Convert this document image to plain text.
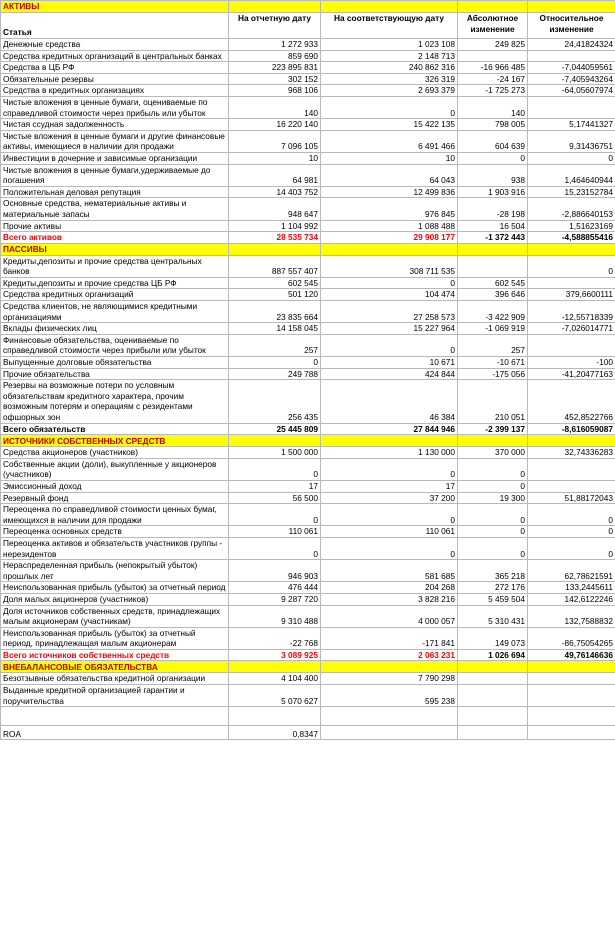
АКТИВЫ				
Статья	На отчетную дату	На соответствующую дату	Абсолютное изменение	Относительное изменение
Денежные средства	1 272 933	1 023 108	249 825	24,41824324
Средства кредитных организаций в центральных банках	859 690	2 148 713		
Средства в ЦБ РФ	223 895 831	240 862 316	-16 966 485	-7,044059561
Обязательные резервы	302 152	326 319	-24 167	-7,405943264
Средства в кредитных организациях	968 106	2 693 379	-1 725 273	-64,05607974
Чистые вложения в ценные бумаги, оцениваемые по справедливой стоимости через прибыль или убыток	140	0	140	
Чистая ссудная задолженность	16 220 140	15 422 135	798 005	5,17441327
Чистые вложения в ценные бумаги и другие финансовые активы, имеющиеся в наличии для продажи	7 096 105	6 491 466	604 639	9,31436751
Инвестиции в дочерние и зависимые организации	10	10	0	0
Чистые вложения в ценные бумаги,удерживаемые до погашения	64 981	64 043	938	1,464640944
Положительная деловая репутация	14 403 752	12 499 836	1 903 916	15,23152784
Основные средства, нематериальные активы и материальные запасы	948 647	976 845	-28 198	-2,886640153
Прочие активы	1 104 992	1 088 488	16 504	1,51623169
Всего активов	28 535 734	29 908 177	-1 372 443	-4,588855416
ПАССИВЫ				
Кредиты,депозиты и прочие средства центральных банков	887 557 407	308 711 535		0
Кредиты,депозиты и прочие средства ЦБ РФ	602 545	0	602 545	
Средства кредитных организаций	501 120	104 474	396 646	379,6600111
Средства клиентов, не являющимися кредитными организациями	23 835 664	27 258 573	-3 422 909	-12,55718339
Вклады физических лиц	14 158 045	15 227 964	-1 069 919	-7,026014771
Финансовые обязательства, оцениваемые по справедливой стоимости через прибыли или убыток	257	0	257	
Выпущенные долговые обязательства	0	10 671	-10 671	-100
Прочие обязательства	249 788	424 844	-175 056	-41,20477163
Резервы на возможные потери по условным обязательствам кредитного характера, прочим возможным потерям и операциям с резидентами офшорных зон	256 435	46 384	210 051	452,8522766
Всего обязательств	25 445 809	27 844 946	-2 399 137	-8,616059087
ИСТОЧНИКИ СОБСТВЕННЫХ СРЕДСТВ				
Средства акционеров (участников)	1 500 000	1 130 000	370 000	32,74336283
Собственные акции (доли), выкупленные у акционеров (участников)	0	0	0	
Эмиссионный доход	17	17	0	
Резервный фонд	56 500	37 200	19 300	51,88172043
Переоценка по справедливой стоимости ценных бумаг, имеющихся в наличии для продажи	0	0	0	0
Переоценка основных средств	110 061	110 061	0	0
Переоценка активов и обязательств участников группы - нерезидентов	0	0	0	0
Нераспределенная прибыль (непокрытый убыток) прошлых лет	946 903	581 685	365 218	62,78621591
Неиспользованная прибыль (убыток) за отчетный период	476 444	204 268	272 176	133,2445611
Доля малых акционеров (участников)	9 287 720	3 828 216	5 459 504	142,6122246
Доля источников собственных средств, принадлежащих малым акционерам (участникам)	9 310 488	4 000 057	5 310 431	132,7588832
Неиспользованная прибыль (убыток) за отчетный период, принадлежащая малым акционерам	-22 768	-171 841	149 073	-86,75054265
Всего источников собственных средств	3 089 925	2 063 231	1 026 694	49,76146636
ВНЕБАЛАНСОВЫЕ ОБЯЗАТЕЛЬСТВА				
Безотзывные обязательства кредитной организации	4 104 400	7 790 298		
Выданные кредитной организацией гарантии и поручительства	5 070 627	595 238		

ROA	0,8347			
